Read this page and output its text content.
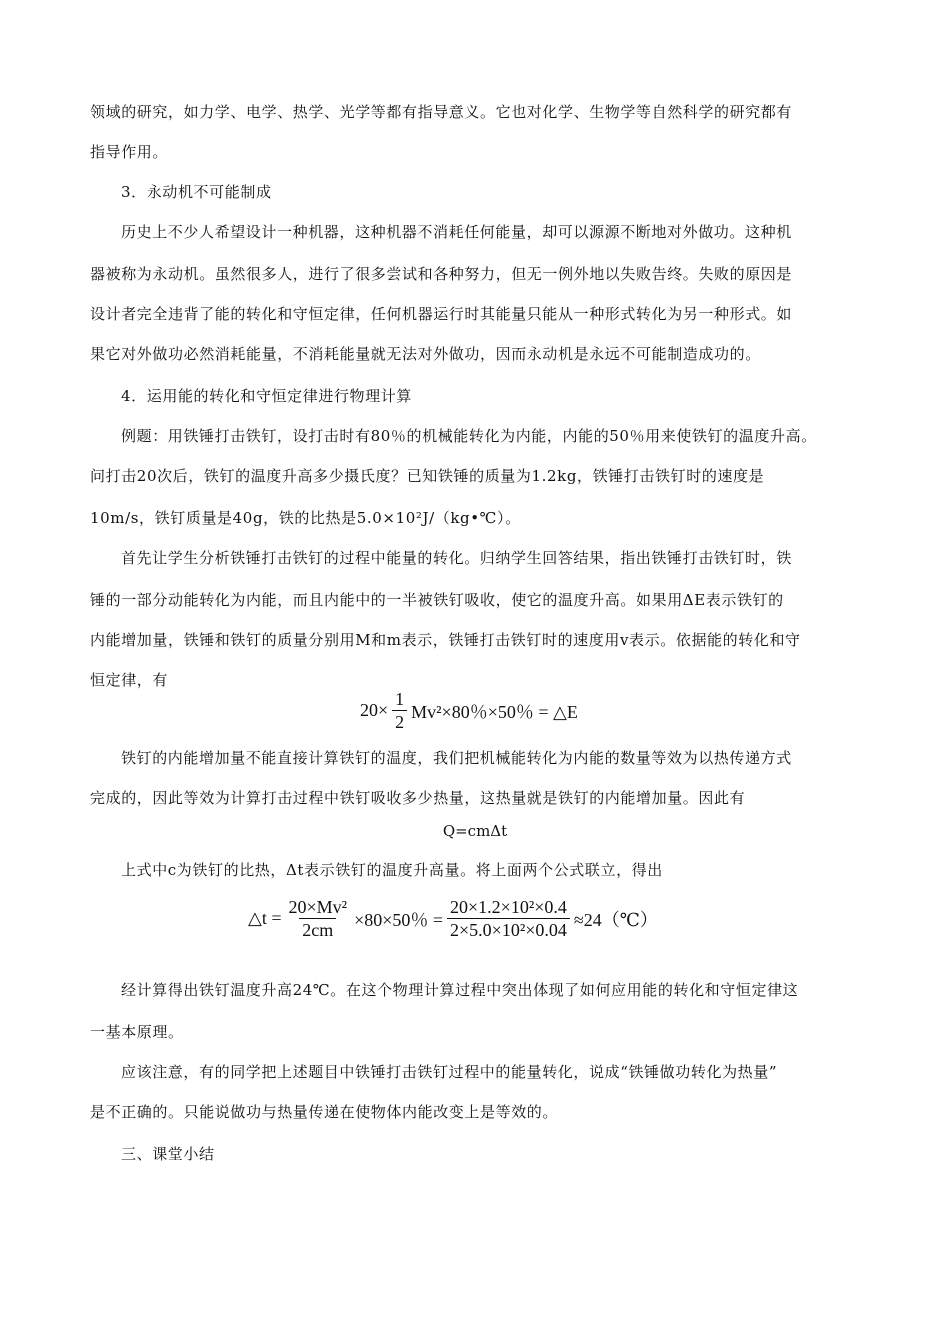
领域的研究，如力学、电学、热学、光学等都有指导意义。它也对化学、生物学等自然科学的研究都有

指导作用。

3．永动机不可能制成

历史上不少人希望设计一种机器，这种机器不消耗任何能量，却可以源源不断地对外做功。这种机

器被称为永动机。虽然很多人，进行了很多尝试和各种努力，但无一例外地以失败告终。失败的原因是

设计者完全违背了能的转化和守恒定律，任何机器运行时其能量只能从一种形式转化为另一种形式。如

果它对外做功必然消耗能量，不消耗能量就无法对外做功，因而永动机是永远不可能制造成功的。

4．运用能的转化和守恒定律进行物理计算

例题：用铁锤打击铁钉，设打击时有80％的机械能转化为内能，内能的50％用来使铁钉的温度升高。

问打击20次后，铁钉的温度升高多少摄氏度？已知铁锤的质量为1.2kg，铁锤打击铁钉时的速度是

10m/s，铁钉质量是40g，铁的比热是5.0×10²J/（kg•℃）。

首先让学生分析铁锤打击铁钉的过程中能量的转化。归纳学生回答结果，指出铁锤打击铁钉时，铁

锤的一部分动能转化为内能，而且内能中的一半被铁钉吸收，使它的温度升高。如果用ΔE表示铁钉的

内能增加量，铁锤和铁钉的质量分别用M和m表示，铁锤打击铁钉时的速度用v表示。依据能的转化和守

恒定律，有

$20\times \frac{1}{2} Mv^2\times 80$％×50％ = △E

铁钉的内能增加量不能直接计算铁钉的温度，我们把机械能转化为内能的数量等效为以热传递方式

完成的，因此等效为计算打击过程中铁钉吸收多少热量，这热量就是铁钉的内能增加量。因此有

Q=cmΔt

上式中c为铁钉的比热，Δt表示铁钉的温度升高量。将上面两个公式联立，得出

△t = $\frac{\text{20×Mv²}}{2cm} \times 80\times 50$％ = $\frac{\text{20×1.2×10²×0.4}}{\text{2×5.0×10²×0.04}}$ ≈24（℃）

经计算得出铁钉温度升高24℃。在这个物理计算过程中突出体现了如何应用能的转化和守恒定律这

一基本原理。

应该注意，有的同学把上述题目中铁锤打击铁钉过程中的能量转化，说成“铁锤做功转化为热量”

是不正确的。只能说做功与热量传递在使物体内能改变上是等效的。

三、课堂小结
